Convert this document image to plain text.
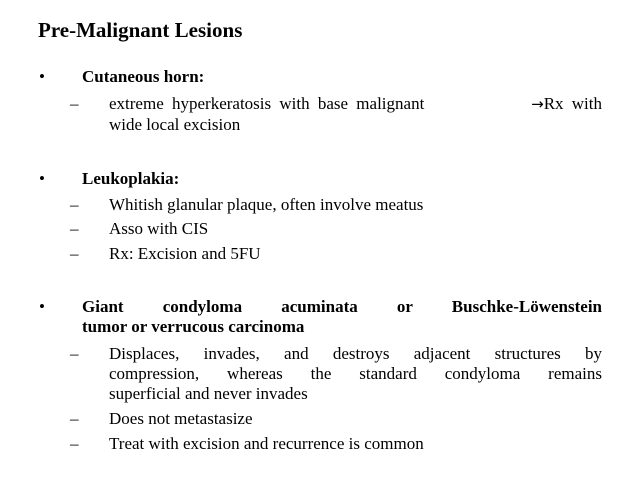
Pre-Malignant Lesions
• Cutaneous horn:
– extreme hyperkeratosis with base malignant	→Rx with
wide local excision
• Leukoplakia:
– Whitish glanular plaque, often involve meatus
– Asso with CIS
– Rx: Excision and 5FU
• Giant condyloma acuminata or Buschke-Löwenstein
tumor or verrucous carcinoma
– Displaces, invades, and destroys adjacent structures by
compression, whereas the standard condyloma remains
superficial and never invades
– Does not metastasize
– Treat with excision and recurrence is common
